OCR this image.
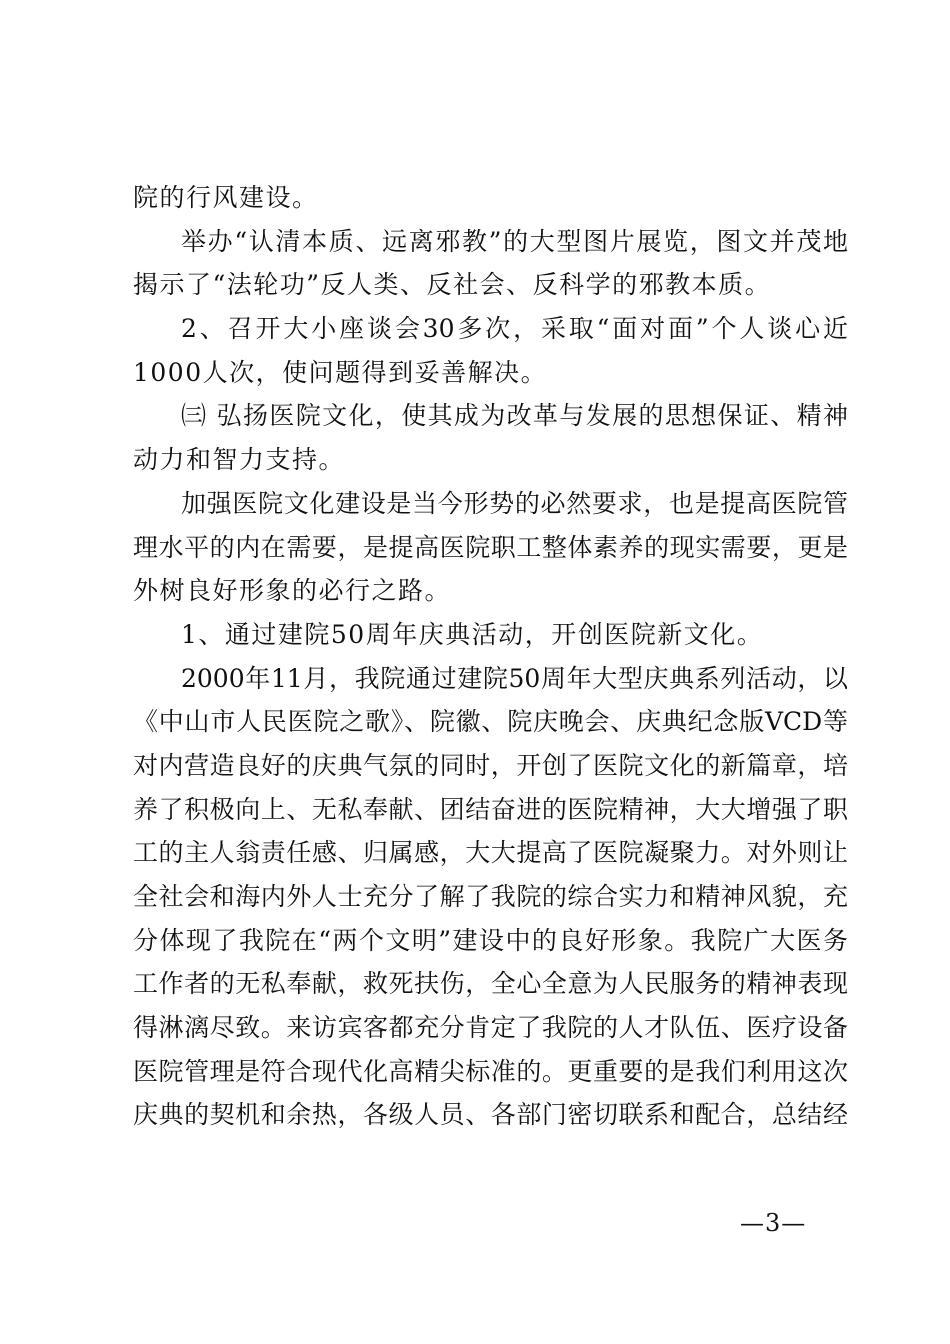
院的行风建设。
举办“认清本质、远离邪教”的大型图片展览，图文并茂地
揭示了“法轮功”反人类、反社会、反科学的邪教本质。
2、召开大小座谈会30多次，采取“面对面”个人谈心近
1000人次，使问题得到妥善解决。
㈢ 弘扬医院文化，使其成为改革与发展的思想保证、精神
动力和智力支持。
加强医院文化建设是当今形势的必然要求，也是提高医院管
理水平的内在需要，是提高医院职工整体素养的现实需要，更是
外树良好形象的必行之路。
1、通过建院50周年庆典活动，开创医院新文化。
2000年11月，我院通过建院50周年大型庆典系列活动，以
《中山市人民医院之歌》、院徽、院庆晚会、庆典纪念版VCD等
对内营造良好的庆典气氛的同时，开创了医院文化的新篇章，培
养了积极向上、无私奉献、团结奋进的医院精神，大大增强了职
工的主人翁责任感、归属感，大大提高了医院凝聚力。对外则让
全社会和海内外人士充分了解了我院的综合实力和精神风貌，充
分体现了我院在“两个文明”建设中的良好形象。我院广大医务
工作者的无私奉献，救死扶伤，全心全意为人民服务的精神表现
得淋漓尽致。来访宾客都充分肯定了我院的人才队伍、医疗设备
医院管理是符合现代化高精尖标准的。更重要的是我们利用这次
庆典的契机和余热，各级人员、各部门密切联系和配合，总结经
—3—
